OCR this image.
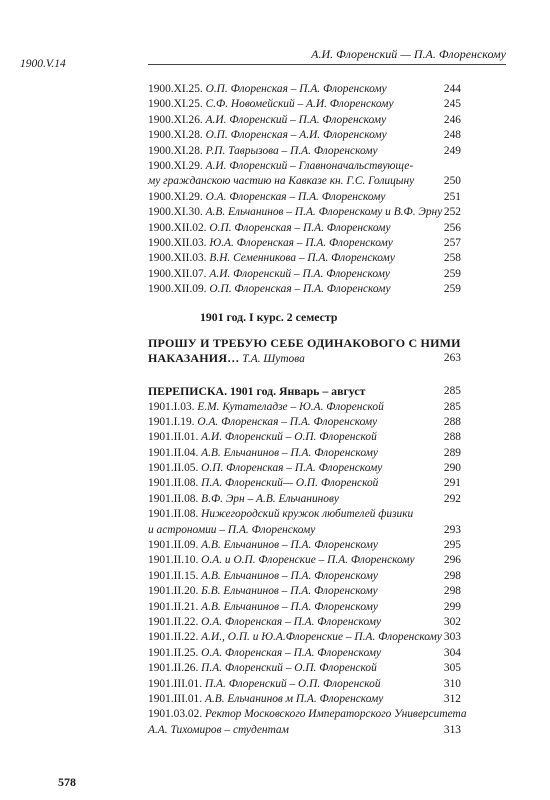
1900.V.14
А.И. Флоренский — П.А. Флоренскому
1900.XI.25. О.П. Флоренская – П.А. Флоренскому	244
1900.XI.25. С.Ф. Новомейский – А.И. Флоренскому	245
1900.XI.26. А.И. Флоренский – П.А. Флоренскому	246
1900.XI.28. О.П. Флоренская – А.И. Флоренскому	248
1900.XI.28. Р.П. Таврызова – П.А. Флоренскому	249
1900.XI.29. А.И. Флоренский – Главноначальствующе-
му гражданскою частию на Кавказе кн. Г.С. Голицыну	250
1900.XI.29. О.А. Флоренская – П.А. Флоренскому	251
1900.XI.30. А.В. Ельчанинов – П.А. Флоренскому и В.Ф. Эрну 252
1900.XII.02. О.П. Флоренская – П.А. Флоренскому	256
1900.XII.03. Ю.А. Флоренская – П.А. Флоренскому	257
1900.XII.03. В.Н. Семенникова – П.А. Флоренскому	258
1900.XII.07. А.И. Флоренский – П.А. Флоренскому	259
1900.XII.09. О.П. Флоренская – П.А. Флоренскому	259
1901 год. I курс. 2 семестр
ПРОШУ И ТРЕБУЮ СЕБЕ ОДИНАКОВОГО С НИМИ
НАКАЗАНИЯ… Т.А. Шутова	263
ПЕРЕПИСКА. 1901 год. Январь – август	285
1901.I.03. Е.М. Кутателадзе – Ю.А. Флоренской	285
1901.I.19. О.А. Флоренская – П.А. Флоренскому	288
1901.II.01. А.И. Флоренский – О.П. Флоренской	288
1901.II.04. А.В. Ельчанинов – П.А. Флоренскому	289
1901.II.05. О.П. Флоренская – П.А. Флоренскому	290
1901.II.08. П.А. Флоренский— О.П. Флоренской	291
1901.II.08. В.Ф. Эрн – А.В. Ельчанинову	292
1901.II.08. Нижегородский кружок любителей физики
и астрономии – П.А. Флоренскому	293
1901.II.09. А.В. Ельчанинов – П.А. Флоренскому	295
1901.II.10. О.А. и О.П. Флоренские – П.А. Флоренскому	296
1901.II.15. А.В. Ельчанинов – П.А. Флоренскому	298
1901.II.20. Б.В. Ельчанинов – П.А. Флоренскому	298
1901.II.21. А.В. Ельчанинов – П.А. Флоренскому	299
1901.II.22. О.А. Флоренская – П.А. Флоренскому	302
1901.II.22. А.И., О.П. и Ю.А.Флоренские – П.А. Флоренскому 303
1901.II.25. О.А. Флоренская – П.А. Флоренскому	304
1901.II.26. П.А. Флоренский – О.П. Флоренской	305
1901.III.01. П.А. Флоренский – О.П. Флоренской	310
1901.III.01. А.В. Ельчанинов м П.А. Флоренскому	312
1901.03.02. Ректор Московского Императорского Университета
А.А. Тихомиров – студентам	313
578
